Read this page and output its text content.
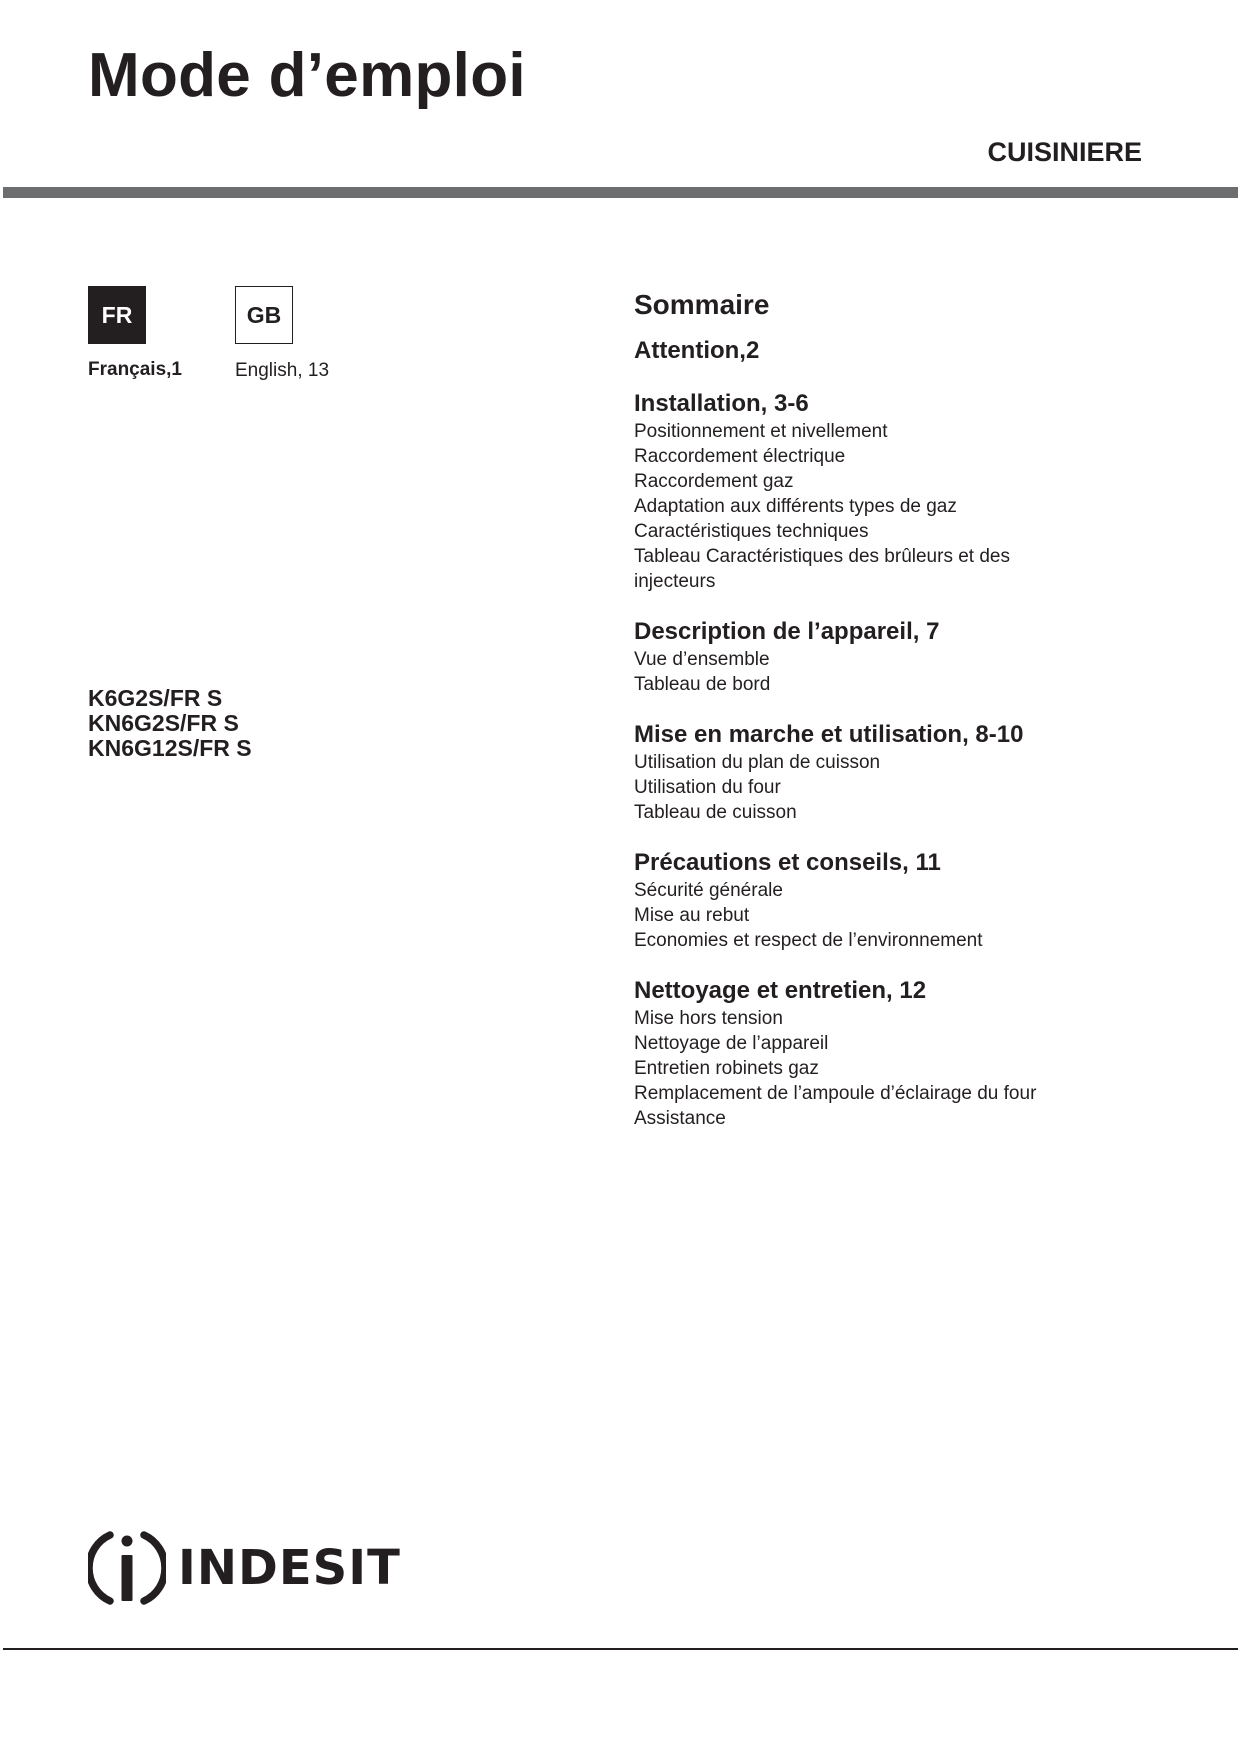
Mode d’emploi
CUISINIERE
FR
Français,1
GB
English, 13
K6G2S/FR S
KN6G2S/FR S
KN6G12S/FR S
Sommaire
Attention,2
Installation, 3-6
Positionnement et nivellement
Raccordement électrique
Raccordement gaz
Adaptation aux différents types de gaz
Caractéristiques techniques
Tableau Caractéristiques des brûleurs et des
injecteurs
Description de l’appareil, 7
Vue d’ensemble
Tableau de bord
Mise en marche et utilisation, 8-10
Utilisation du plan de cuisson
Utilisation du four
Tableau de cuisson
Précautions et conseils, 11
Sécurité générale
Mise au rebut
Economies et respect de l’environnement
Nettoyage et entretien, 12
Mise hors tension
Nettoyage de l’appareil
Entretien robinets gaz
Remplacement de l’ampoule d’éclairage du four
Assistance
INDESIT
